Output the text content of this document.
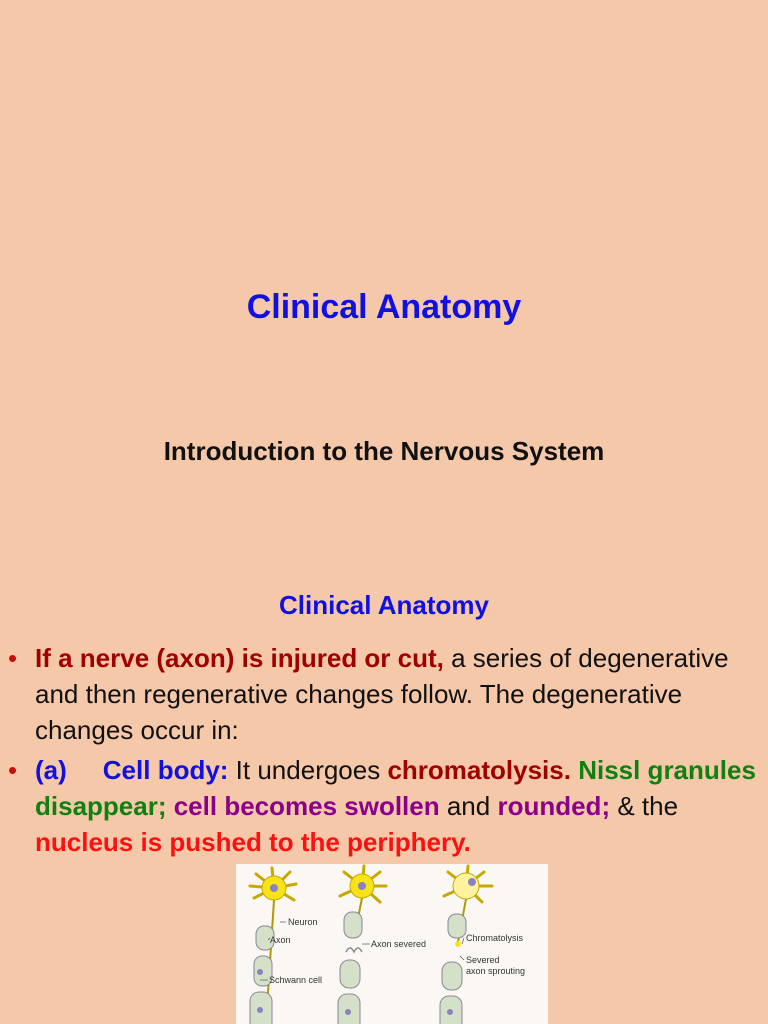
Clinical Anatomy
Introduction to the Nervous System
Clinical Anatomy
• If a nerve (axon) is injured or cut, a series of degenerative and then regenerative changes follow. The degenerative changes occur in:
• (a) Cell body: It undergoes chromatolysis. Nissl granules disappear; cell becomes swollen and rounded; & the nucleus is pushed to the periphery.
Neuron
Axon
Schwann cell
Axon severed
Chromatolysis
Severed
axon sprouting
